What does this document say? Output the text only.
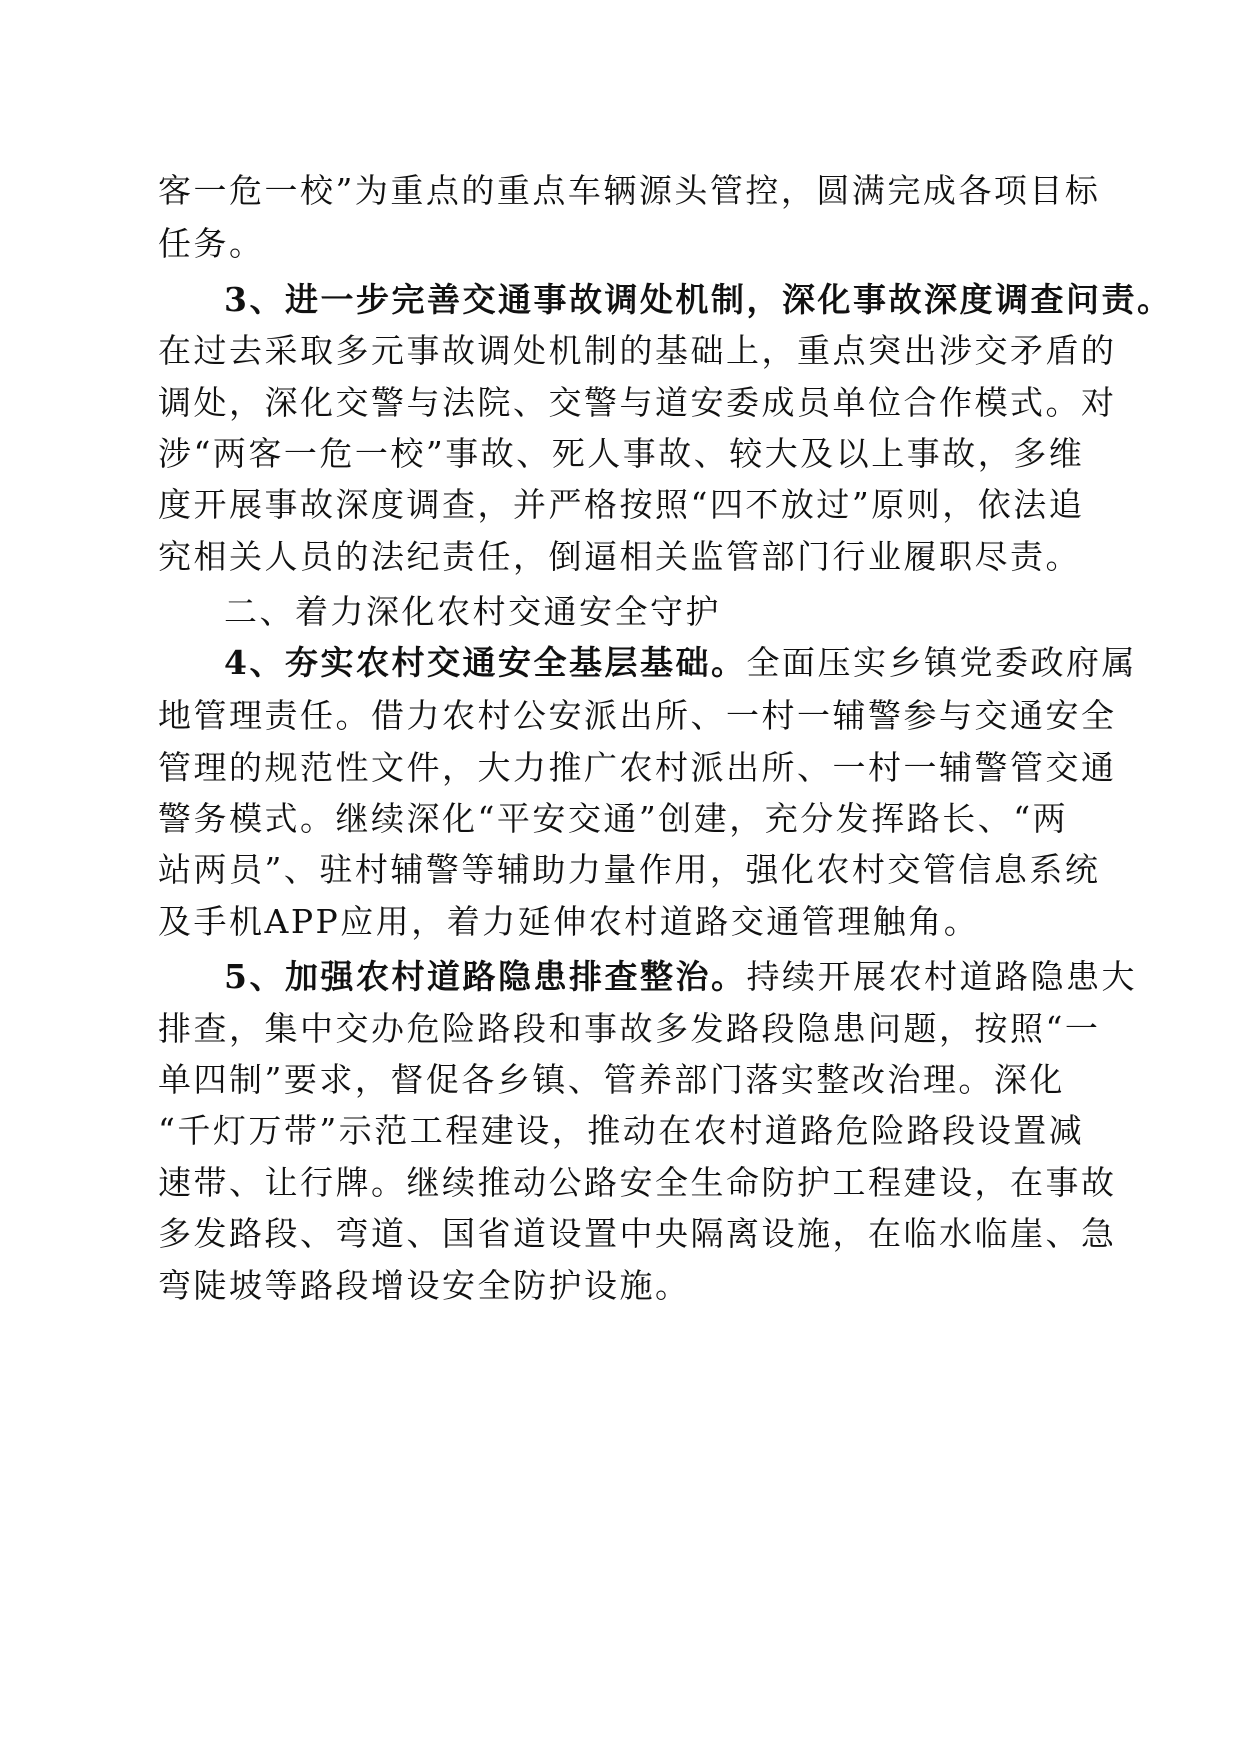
客一危一校”为重点的重点车辆源头管控，圆满完成各项目标
任务。
3、进一步完善交通事故调处机制，深化事故深度调查问责。
在过去采取多元事故调处机制的基础上，重点突出涉交矛盾的
调处，深化交警与法院、交警与道安委成员单位合作模式。对
涉“两客一危一校”事故、死人事故、较大及以上事故，多维
度开展事故深度调查，并严格按照“四不放过”原则，依法追
究相关人员的法纪责任，倒逼相关监管部门行业履职尽责。
二、着力深化农村交通安全守护
4、夯实农村交通安全基层基础。全面压实乡镇党委政府属
地管理责任。借力农村公安派出所、一村一辅警参与交通安全
管理的规范性文件，大力推广农村派出所、一村一辅警管交通
警务模式。继续深化“平安交通”创建，充分发挥路长、“两
站两员”、驻村辅警等辅助力量作用，强化农村交管信息系统
及手机APP应用，着力延伸农村道路交通管理触角。
5、加强农村道路隐患排查整治。持续开展农村道路隐患大
排查，集中交办危险路段和事故多发路段隐患问题，按照“一
单四制”要求，督促各乡镇、管养部门落实整改治理。深化
“千灯万带”示范工程建设，推动在农村道路危险路段设置减
速带、让行牌。继续推动公路安全生命防护工程建设，在事故
多发路段、弯道、国省道设置中央隔离设施，在临水临崖、急
弯陡坡等路段增设安全防护设施。
